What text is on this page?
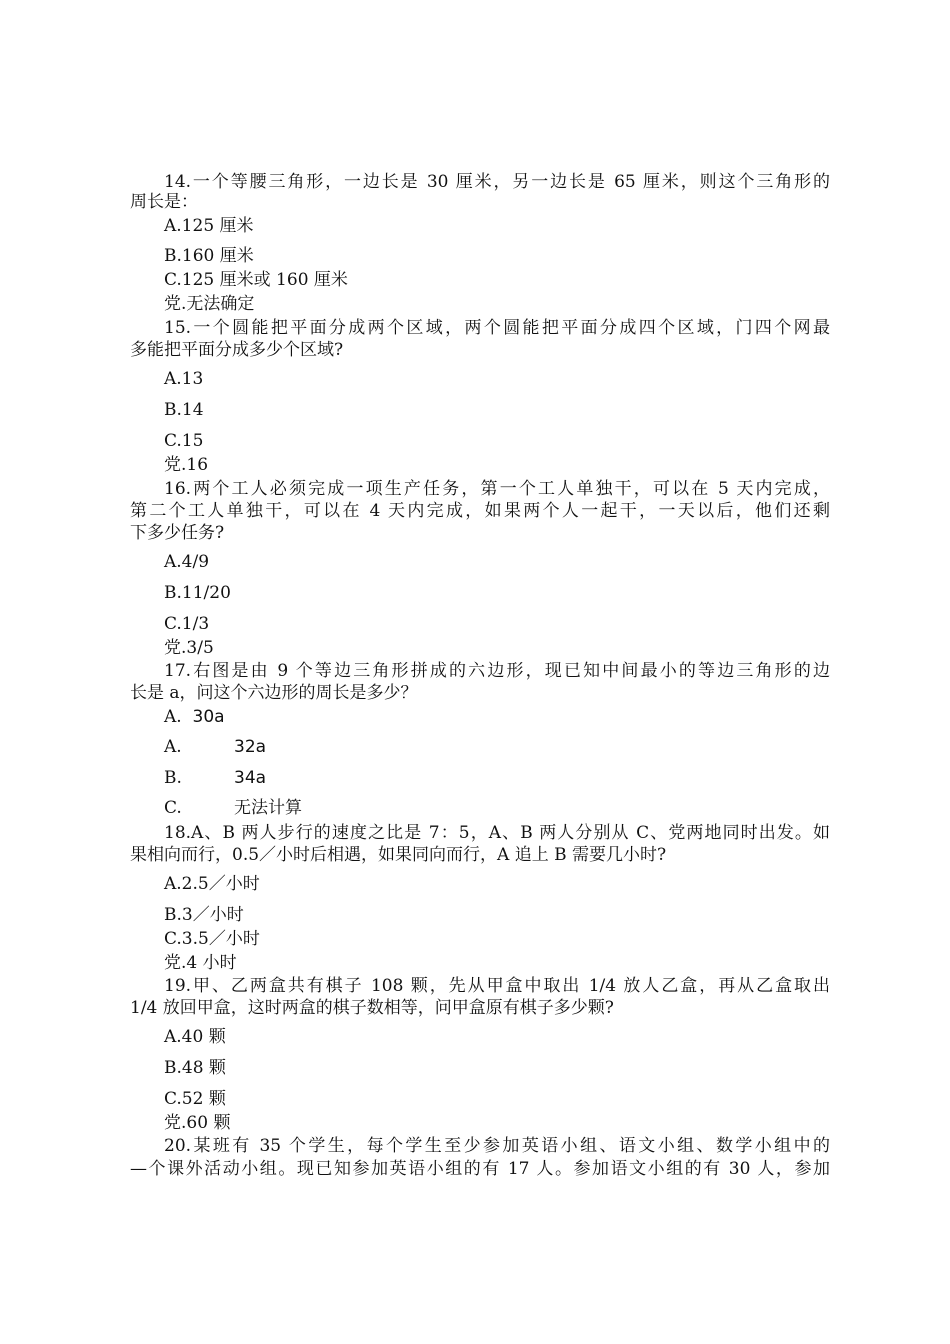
14.一个等腰三角形，一边长是 30 厘米，另一边长是 65 厘米，则这个三角形的
周长是：
A.125 厘米
B.160 厘米
C.125 厘米或 160 厘米
党.无法确定
15.一个圆能把平面分成两个区域，两个圆能把平面分成四个区域，门四个网最
多能把平面分成多少个区域?
A.13
B.14
C.15
党.16
16.两个工人必须完成一项生产任务，第一个工人单独干，可以在 5 天内完成，
第二个工人单独干，可以在 4 天内完成，如果两个人一起干，一天以后，他们还剩
下多少任务?
A.4/9
B.11/20
C.1/3
党.3/5
17.右图是由 9 个等边三角形拼成的六边形，现已知中间最小的等边三角形的边
长是 a，问这个六边形的周长是多少？
A. 30a
A.	32a
B.	34a
C.	无法计算
18.A、B 两人步行的速度之比是 7：5，A、B 两人分别从 C、党两地同时出发。如
果相向而行，0.5／小时后相遇，如果同向而行，A 追上 B 需要几小时?
A.2.5／小时
B.3／小时
C.3.5／小时
党.4 小时
19.甲、乙两盒共有棋子 108 颗，先从甲盒中取出 1/4 放人乙盒，再从乙盒取出
1/4 放回甲盒，这时两盒的棋子数相等，问甲盒原有棋子多少颗?
A.40 颗
B.48 颗
C.52 颗
党.60 颗
20.某班有 35 个学生，每个学生至少参加英语小组、语文小组、数学小组中的
—个课外活动小组。现已知参加英语小组的有 17 人。参加语文小组的有 30 人，参加
